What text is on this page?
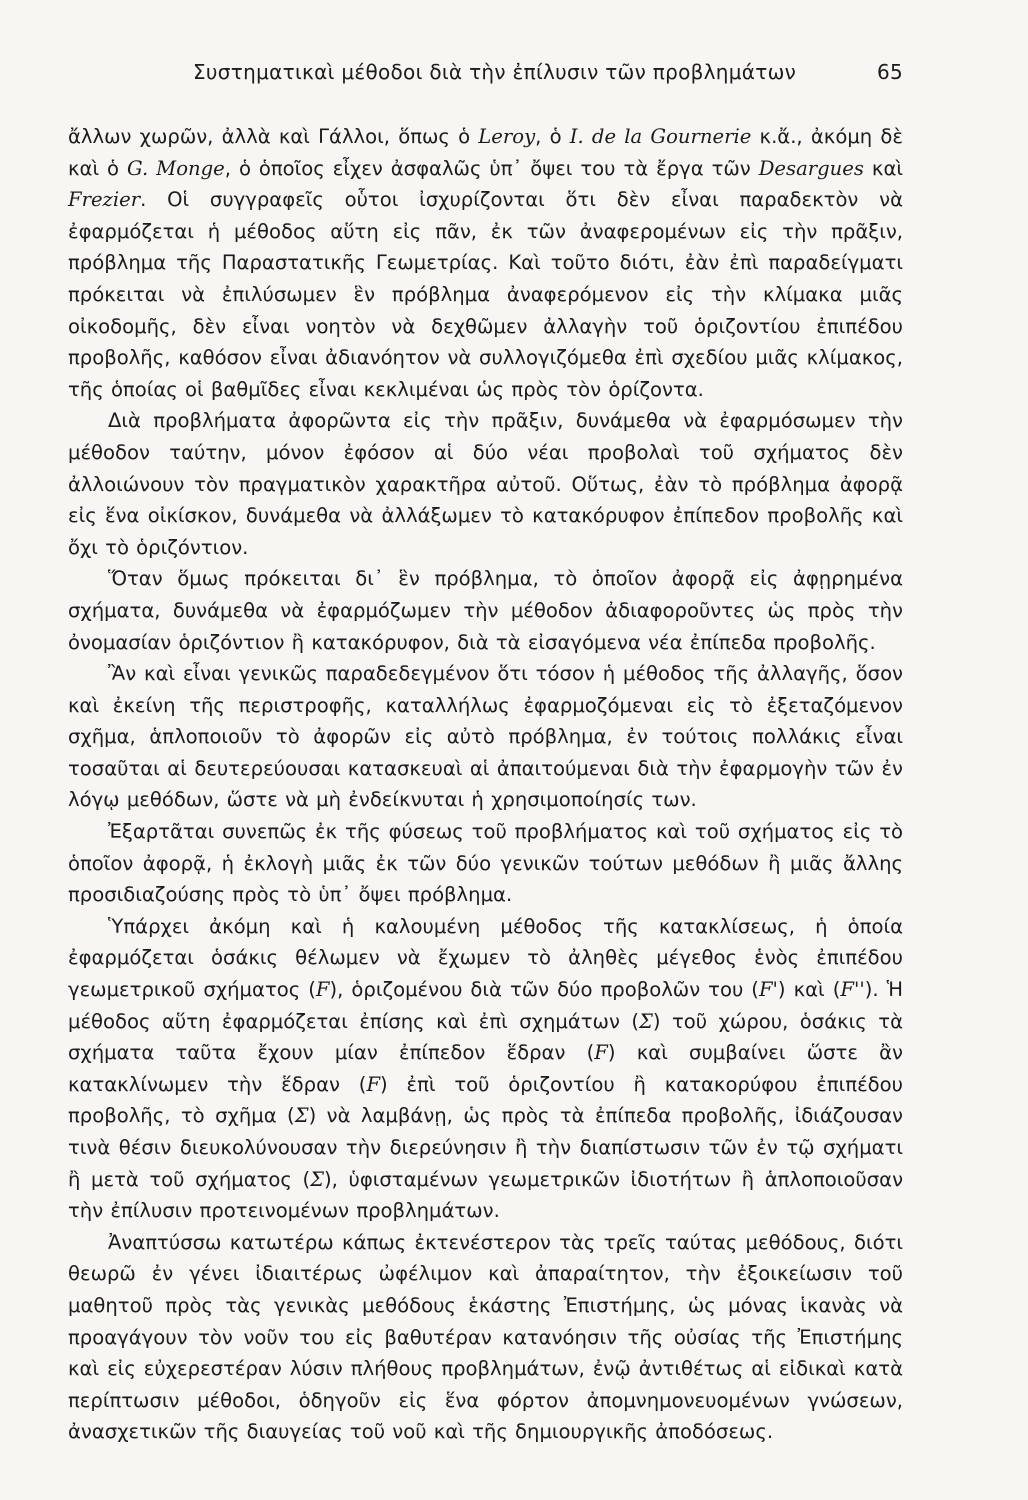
Συστηματικαὶ μέθοδοι διὰ τὴν ἐπίλυσιν τῶν προβλημάτων	65

ἄλλων χωρῶν, ἀλλὰ καὶ Γάλλοι, ὅπως ὁ Leroy, ὁ I. de la Gournerie κ.ἄ., ἀκόμη δὲ καὶ ὁ G. Monge, ὁ ὁποῖος εἶχεν ἀσφαλῶς ὑπ᾽ ὄψει του τὰ ἔργα τῶν Desargues καὶ Frezier. Οἱ συγγραφεῖς οὗτοι ἰσχυρίζονται ὅτι δὲν εἶναι παραδεκτὸν νὰ ἐφαρμόζεται ἡ μέθοδος αὕτη εἰς πᾶν, ἐκ τῶν ἀναφερομένων εἰς τὴν πρᾶξιν, πρόβλημα τῆς Παραστατικῆς Γεωμετρίας. Καὶ τοῦτο διότι, ἐὰν ἐπὶ παραδείγματι πρόκειται νὰ ἐπιλύσωμεν ἓν πρόβλημα ἀναφερόμενον εἰς τὴν κλίμακα μιᾶς οἰκοδομῆς, δὲν εἶναι νοητὸν νὰ δεχθῶμεν ἀλλαγὴν τοῦ ὁριζοντίου ἐπιπέδου προβολῆς, καθόσον εἶναι ἀδιανόητον νὰ συλλογιζόμεθα ἐπὶ σχεδίου μιᾶς κλίμακος, τῆς ὁποίας οἱ βαθμῖδες εἶναι κεκλιμέναι ὡς πρὸς τὸν ὁρίζοντα.

Διὰ προβλήματα ἀφορῶντα εἰς τὴν πρᾶξιν, δυνάμεθα νὰ ἐφαρμόσωμεν τὴν μέθοδον ταύτην, μόνον ἐφόσον αἱ δύο νέαι προβολαὶ τοῦ σχήματος δὲν ἀλλοιώνουν τὸν πραγματικὸν χαρακτῆρα αὐτοῦ. Οὕτως, ἐὰν τὸ πρόβλημα ἀφορᾷ εἰς ἕνα οἰκίσκον, δυνάμεθα νὰ ἀλλάξωμεν τὸ κατακόρυφον ἐπίπεδον προβολῆς καὶ ὄχι τὸ ὁριζόντιον.

Ὅταν ὅμως πρόκειται δι᾽ ἓν πρόβλημα, τὸ ὁποῖον ἀφορᾷ εἰς ἀφῃρημένα σχήματα, δυνάμεθα νὰ ἐφαρμόζωμεν τὴν μέθοδον ἀδιαφοροῦντες ὡς πρὸς τὴν ὀνομασίαν ὁριζόντιον ἢ κατακόρυφον, διὰ τὰ εἰσαγόμενα νέα ἐπίπεδα προβολῆς.

Ἂν καὶ εἶναι γενικῶς παραδεδεγμένον ὅτι τόσον ἡ μέθοδος τῆς ἀλλαγῆς, ὅσον καὶ ἐκείνη τῆς περιστροφῆς, καταλλήλως ἐφαρμοζόμεναι εἰς τὸ ἐξεταζόμενον σχῆμα, ἁπλοποιοῦν τὸ ἀφορῶν εἰς αὐτὸ πρόβλημα, ἐν τούτοις πολλάκις εἶναι τοσαῦται αἱ δευτερεύουσαι κατασκευαὶ αἱ ἀπαιτούμεναι διὰ τὴν ἐφαρμογὴν τῶν ἐν λόγῳ μεθόδων, ὥστε νὰ μὴ ἐνδείκνυται ἡ χρησιμοποίησίς των.

Ἐξαρτᾶται συνεπῶς ἐκ τῆς φύσεως τοῦ προβλήματος καὶ τοῦ σχήματος εἰς τὸ ὁποῖον ἀφορᾷ, ἡ ἐκλογὴ μιᾶς ἐκ τῶν δύο γενικῶν τούτων μεθόδων ἢ μιᾶς ἄλλης προσιδιαζούσης πρὸς τὸ ὑπ᾽ ὄψει πρόβλημα.

Ὑπάρχει ἀκόμη καὶ ἡ καλουμένη μέθοδος τῆς κατακλίσεως, ἡ ὁποία ἐφαρμόζεται ὁσάκις θέλωμεν νὰ ἔχωμεν τὸ ἀληθὲς μέγεθος ἑνὸς ἐπιπέδου γεωμετρικοῦ σχήματος (F), ὁριζομένου διὰ τῶν δύο προβολῶν του (F') καὶ (F''). Ἡ μέθοδος αὕτη ἐφαρμόζεται ἐπίσης καὶ ἐπὶ σχημάτων (Σ) τοῦ χώρου, ὁσάκις τὰ σχήματα ταῦτα ἔχουν μίαν ἐπίπεδον ἕδραν (F) καὶ συμβαίνει ὥστε ἂν κατακλίνωμεν τὴν ἕδραν (F) ἐπὶ τοῦ ὁριζοντίου ἢ κατακορύφου ἐπιπέδου προβολῆς, τὸ σχῆμα (Σ) νὰ λαμβάνῃ, ὡς πρὸς τὰ ἐπίπεδα προβολῆς, ἰδιάζουσαν τινὰ θέσιν διευκολύνουσαν τὴν διερεύνησιν ἢ τὴν διαπίστωσιν τῶν ἐν τῷ σχήματι ἢ μετὰ τοῦ σχήματος (Σ), ὑφισταμένων γεωμετρικῶν ἰδιοτήτων ἢ ἁπλοποιοῦσαν τὴν ἐπίλυσιν προτεινομένων προβλημάτων.

Ἀναπτύσσω κατωτέρω κάπως ἐκτενέστερον τὰς τρεῖς ταύτας μεθόδους, διότι θεωρῶ ἐν γένει ἰδιαιτέρως ὠφέλιμον καὶ ἀπαραίτητον, τὴν ἐξοικείωσιν τοῦ μαθητοῦ πρὸς τὰς γενικὰς μεθόδους ἑκάστης Ἐπιστήμης, ὡς μόνας ἱκανὰς νὰ προαγάγουν τὸν νοῦν του εἰς βαθυτέραν κατανόησιν τῆς οὐσίας τῆς Ἐπιστήμης καὶ εἰς εὐχερεστέραν λύσιν πλήθους προβλημάτων, ἐνῷ ἀντιθέτως αἱ εἰδικαὶ κατὰ περίπτωσιν μέθοδοι, ὁδηγοῦν εἰς ἕνα φόρτον ἀπομνημονευομένων γνώσεων, ἀνασχετικῶν τῆς διαυγείας τοῦ νοῦ καὶ τῆς δημιουργικῆς ἀποδόσεως.
